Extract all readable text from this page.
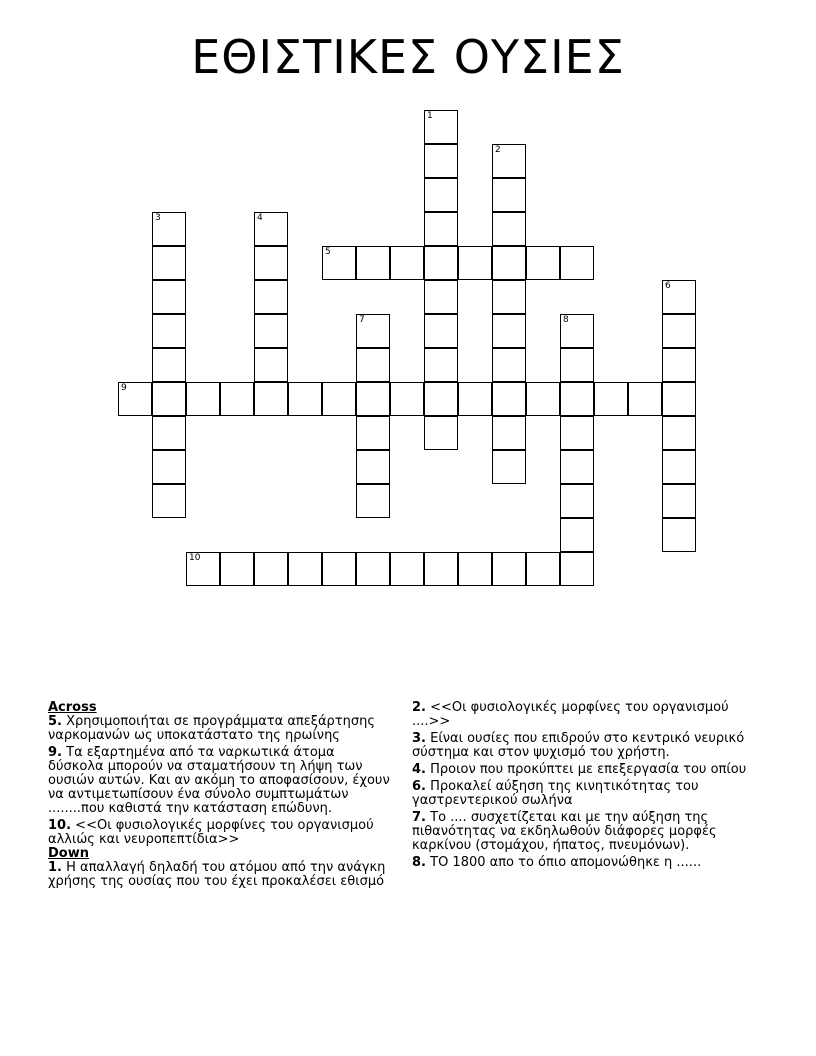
ΕΘΙΣΤΙΚΕΣ ΟΥΣΙΕΣ
1
2
3	4
5
6
7	8
9
10
Across
5. Χρησιμοποιήται σε προγράμματα απεξάρτησης ναρκομανών ως υποκατάστατο της ηρωίνης
9. Τα εξαρτημένα από τα ναρκωτικά άτομα δύσκολα μπορούν να σταματήσουν τη λήψη των ουσιών αυτών. Και αν ακόμη το αποφασίσουν, έχουν να αντιμετωπίσουν ένα σύνολο συμπτωμάτων ........που καθιστά την κατάσταση επώδυνη.
10. <<Οι φυσιολογικές μορφίνες του οργανισμού αλλιώς και νευροπεπτίδια>>
Down
1. Η απαλλαγή δηλαδή του ατόμου από την ανάγκη χρήσης της ουσίας που του έχει προκαλέσει εθισμό
2. <<Οι φυσιολογικές μορφίνες του οργανισμού ....>>
3. Είναι ουσίες που επιδρούν στο κεντρικό νευρικό σύστημα και στον ψυχισμό του χρήστη.
4. Προιον που προκύπτει με επεξεργασία του οπίου
6. Προκαλεί αύξηση της κινητικότητας του γαστρεντερικού σωλήνα
7. Το .... συσχετίζεται και με την αύξηση της πιθανότητας να εκδηλωθούν διάφορες μορφές καρκίνου (στομάχου, ήπατος, πνευμόνων).
8. ΤΟ 1800 απο το όπιο απομονώθηκε η ......
